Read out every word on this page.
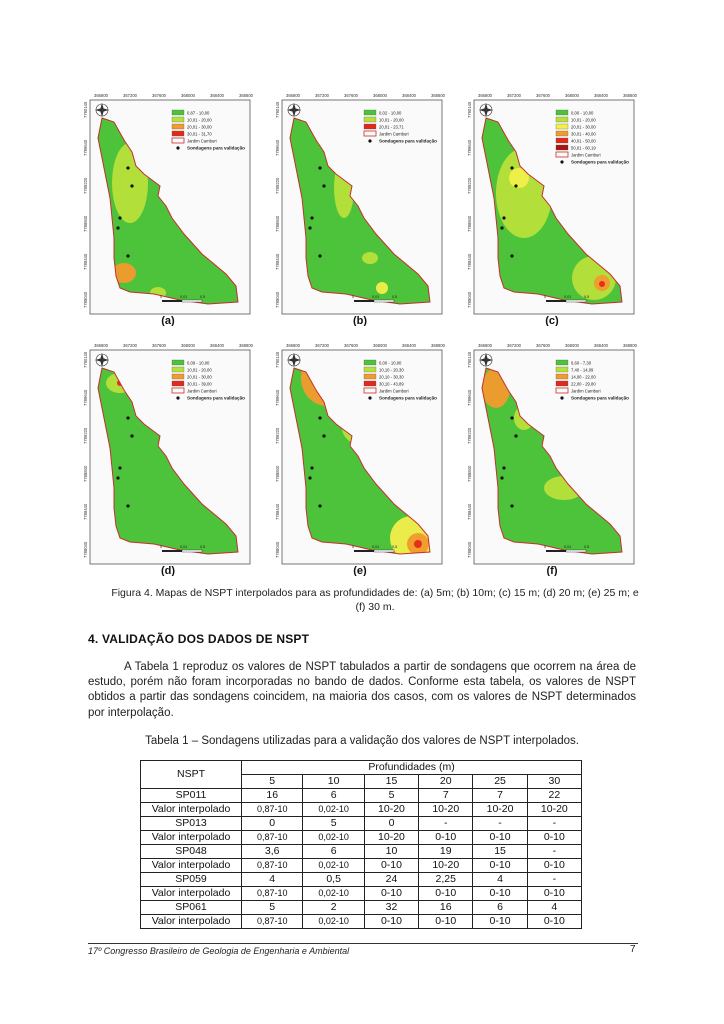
366800	367200	367600	368000	368400	368800
7790145
7789640
7789220
7788840
7788440
7788040
0,87 - 10,00
10,01 - 20,00
20,01 - 30,00
30,01 - 31,70
Jardim Camburi
Sondagens para validação
0	0,01	0,5
(a)
366800	367200	367600	368000	368400	368800
7790145
7789640
7789220
7788840
7788440
7788040
0,02 - 10,00
10,01 - 20,00
20,01 - 23,71
Jardim Camburi
Sondagens para validação
0	0,01	0,5
(b)
366800	367200	367600	368000	368400	368800
7790145
7789640
7789220
7788840
7788440
7788040
0,00 - 10,00
10,01 - 20,00
20,01 - 30,00
30,01 - 40,00
40,01 - 50,00
50,01 - 60,19
Jardim Camburi
Sondagens para validação
0	0,01	0,5
(c)
366800	367200	367600	368000	368400	368800
7790145
7789640
7789220
7788840
7788440
7788040
0,09 - 10,00
10,01 - 20,00
20,01 - 30,00
30,01 - 39,00
Jardim Camburi
Sondagens para validação
0	0,01	0,5
(d)
366800	367200	367600	368000	368400	368800
7790145
7789640
7789220
7788840
7788440
7788040
0,00 - 10,00
10,10 - 20,30
20,10 - 30,30
30,10 - 43,89
Jardim Camburi
Sondagens para validação
0	0,01	0,5
(e)
366800	367200	367600	368000	368400	368800
7790145
7789640
7789220
7788840
7788440
7788040
6,60 - 7,30
7,40 - 14,09
14,00 - 22,00
22,00 - 29,80
Jardim Camburi
Sondagens para validação
0	0,01	0,5
(f)
Figura 4. Mapas de NSPT interpolados para as profundidades de: (a) 5m; (b) 10m; (c) 15 m; (d) 20 m; (e) 25 m; e (f) 30 m.
4. VALIDAÇÃO DOS DADOS DE NSPT
A Tabela 1 reproduz os valores de NSPT tabulados a partir de sondagens que ocorrem na área de estudo, porém não foram incorporadas no bando de dados. Conforme esta tabela, os valores de NSPT obtidos a partir das sondagens coincidem, na maioria dos casos, com os valores de NSPT determinados por interpolação.
Tabela 1 – Sondagens utilizadas para a validação dos valores de NSPT interpolados.
NSPT	Profundidades (m)					
	5	10	15	20	25	30
SP011	16	6	5	7	7	22
Valor interpolado	0,87-10	0,02-10	10-20	10-20	10-20	10-20
SP013	0	5	0	-	-	-
Valor interpolado	0,87-10	0,02-10	10-20	0-10	0-10	0-10
SP048	3,6	6	10	19	15	-
Valor interpolado	0,87-10	0,02-10	0-10	10-20	0-10	0-10
SP059	4	0,5	24	2,25	4	-
Valor interpolado	0,87-10	0,02-10	0-10	0-10	0-10	0-10
SP061	5	2	32	16	6	4
Valor interpolado	0,87-10	0,02-10	0-10	0-10	0-10	0-10
17º Congresso Brasileiro de Geologia de Engenharia e Ambiental	7
